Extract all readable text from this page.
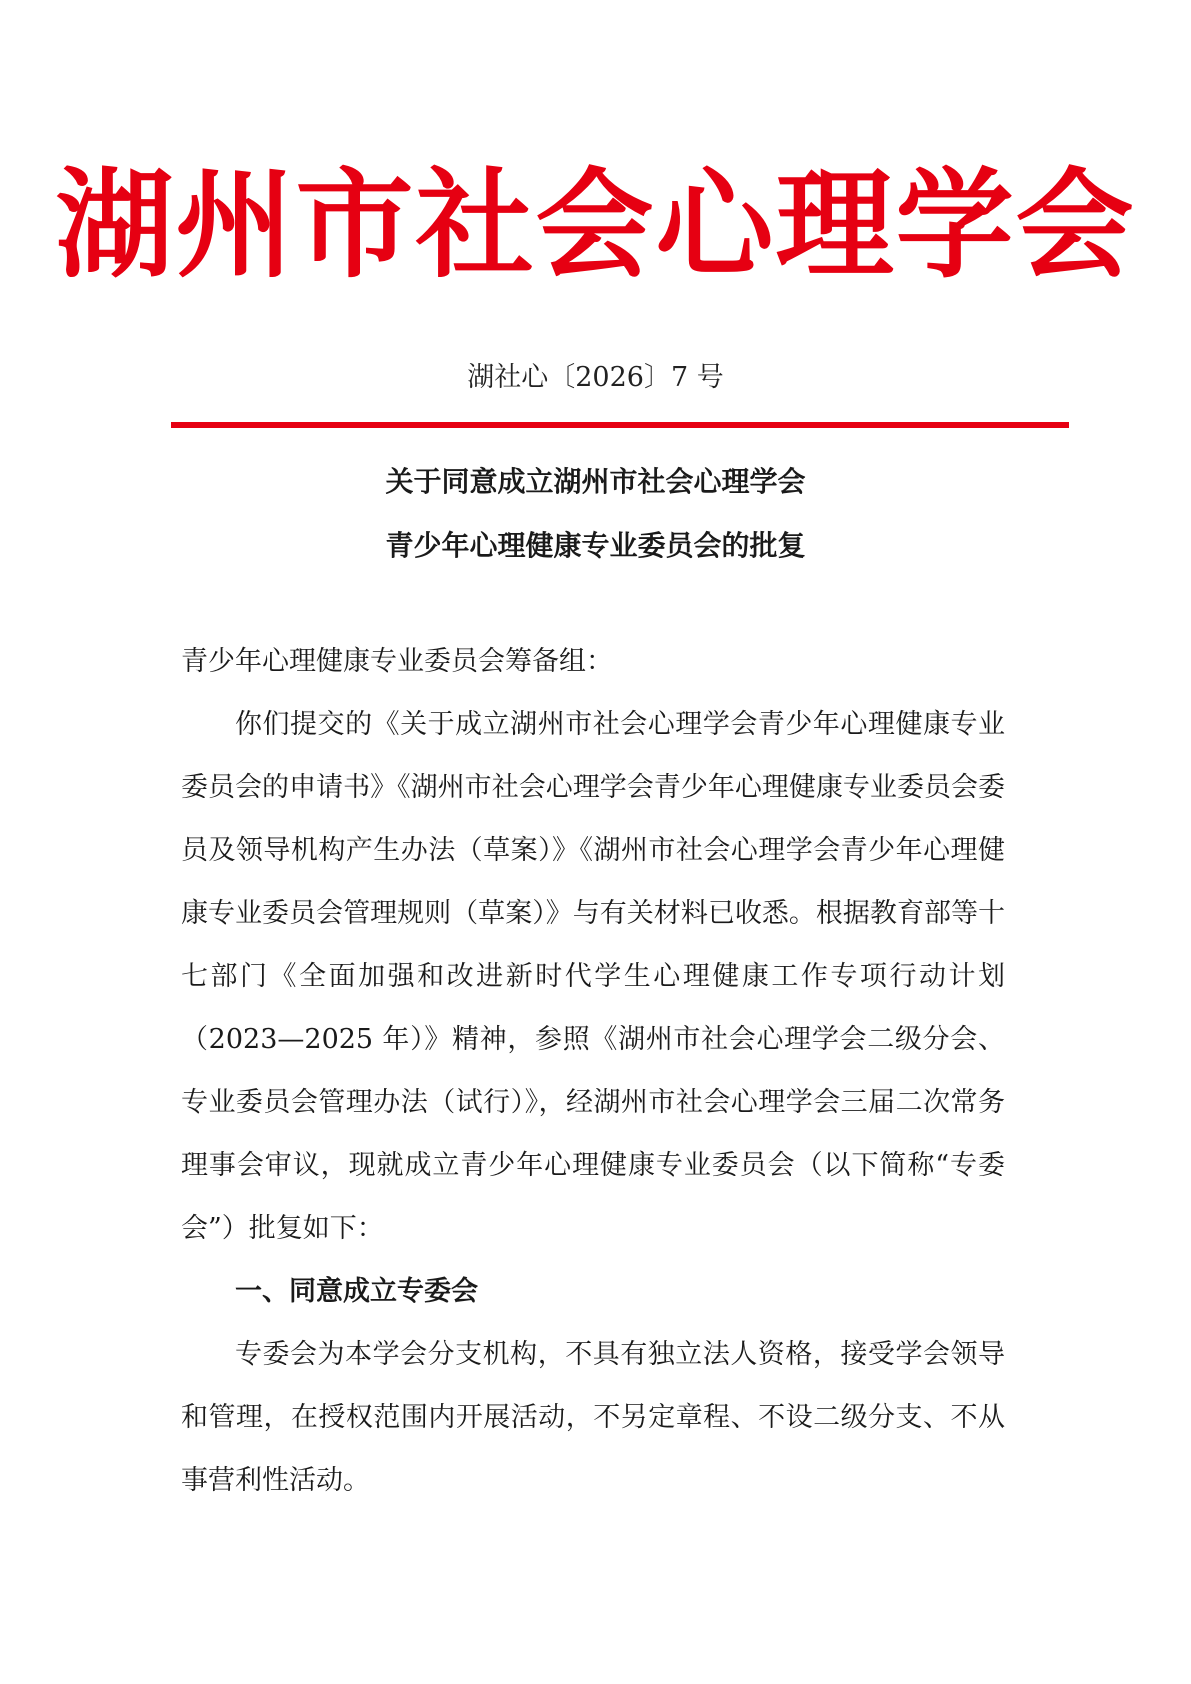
湖州市社会心理学会
湖社心〔2026〕7 号
关于同意成立湖州市社会心理学会
青少年心理健康专业委员会的批复

青少年心理健康专业委员会筹备组：

你们提交的《关于成立湖州市社会心理学会青少年心理健康专业委员会的申请书》《湖州市社会心理学会青少年心理健康专业委员会委员及领导机构产生办法（草案）》《湖州市社会心理学会青少年心理健康专业委员会管理规则（草案）》与有关材料已收悉。根据教育部等十七部门《全面加强和改进新时代学生心理健康工作专项行动计划（2023—2025 年）》精神，参照《湖州市社会心理学会二级分会、专业委员会管理办法（试行）》，经湖州市社会心理学会三届二次常务理事会审议，现就成立青少年心理健康专业委员会（以下简称“专委会”）批复如下：

一、同意成立专委会

专委会为本学会分支机构，不具有独立法人资格，接受学会领导和管理，在授权范围内开展活动，不另定章程、不设二级分支、不从事营利性活动。
